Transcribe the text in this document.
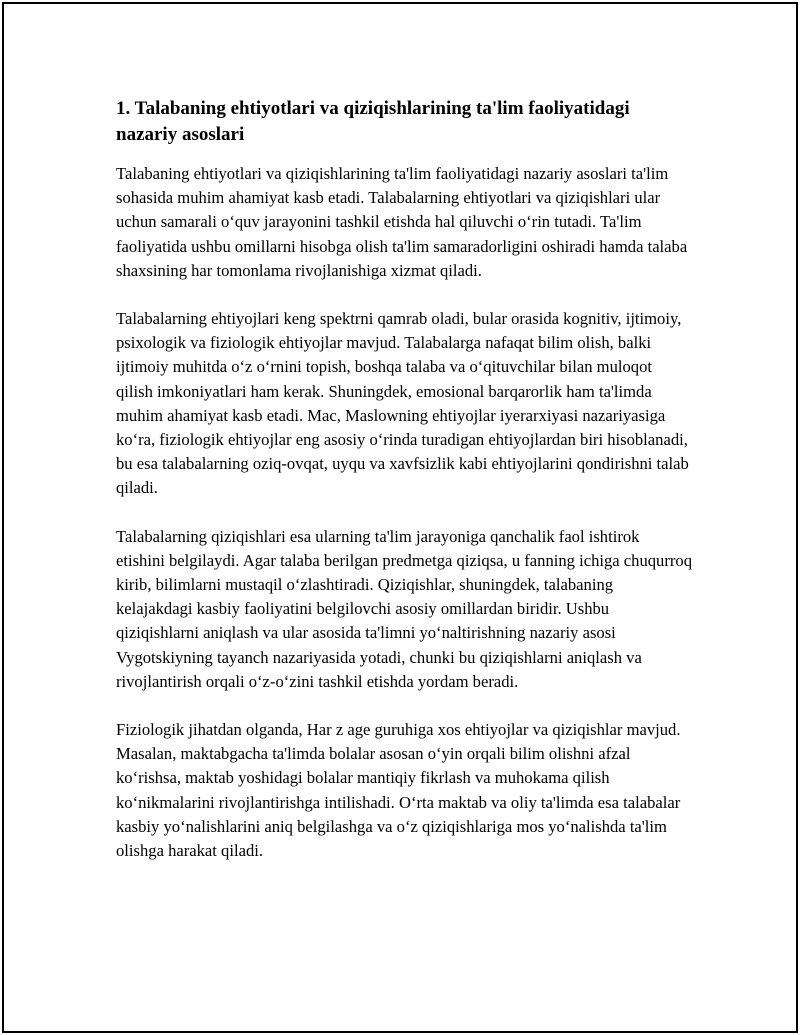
1. Talabaning ehtiyotlari va qiziqishlarining ta'lim faoliyatidagi nazariy asoslari

Talabaning ehtiyotlari va qiziqishlarining ta'lim faoliyatidagi nazariy asoslari ta'lim sohasida muhim ahamiyat kasb etadi. Talabalarning ehtiyotlari va qiziqishlari ular uchun samarali oʻquv jarayonini tashkil etishda hal qiluvchi oʻrin tutadi. Ta'lim faoliyatida ushbu omillarni hisobga olish ta'lim samaradorligini oshiradi hamda talaba shaxsining har tomonlama rivojlanishiga xizmat qiladi.

Talabalarning ehtiyojlari keng spektrni qamrab oladi, bular orasida kognitiv, ijtimoiy, psixologik va fiziologik ehtiyojlar mavjud. Talabalarga nafaqat bilim olish, balki ijtimoiy muhitda oʻz oʻrnini topish, boshqa talaba va oʻqituvchilar bilan muloqot qilish imkoniyatlari ham kerak. Shuningdek, emosional barqarorlik ham ta'limda muhim ahamiyat kasb etadi. Mac, Maslowning ehtiyojlar iyerarxiyasi nazariyasiga koʻra, fiziologik ehtiyojlar eng asosiy oʻrinda turadigan ehtiyojlardan biri hisoblanadi, bu esa talabalarning oziq-ovqat, uyqu va xavfsizlik kabi ehtiyojlarini qondirishni talab qiladi.

Talabalarning qiziqishlari esa ularning ta'lim jarayoniga qanchalik faol ishtirok etishini belgilaydi. Agar talaba berilgan predmetga qiziqsa, u fanning ichiga chuqurroq kirib, bilimlarni mustaqil oʻzlashtiradi. Qiziqishlar, shuningdek, talabaning kelajakdagi kasbiy faoliyatini belgilovchi asosiy omillardan biridir. Ushbu qiziqishlarni aniqlash va ular asosida ta'limni yoʻnaltirishning nazariy asosi Vygotskiyning tayanch nazariyasida yotadi, chunki bu qiziqishlarni aniqlash va rivojlantirish orqali oʻz-oʻzini tashkil etishda yordam beradi.

Fiziologik jihatdan olganda, Har z age guruhiga xos ehtiyojlar va qiziqishlar mavjud. Masalan, maktabgacha ta'limda bolalar asosan oʻyin orqali bilim olishni afzal koʻrishsa, maktab yoshidagi bolalar mantiqiy fikrlash va muhokama qilish koʻnikmalarini rivojlantirishga intilishadi. Oʻrta maktab va oliy ta'limda esa talabalar kasbiy yoʻnalishlarini aniq belgilashga va oʻz qiziqishlariga mos yoʻnalishda ta'lim olishga harakat qiladi.
